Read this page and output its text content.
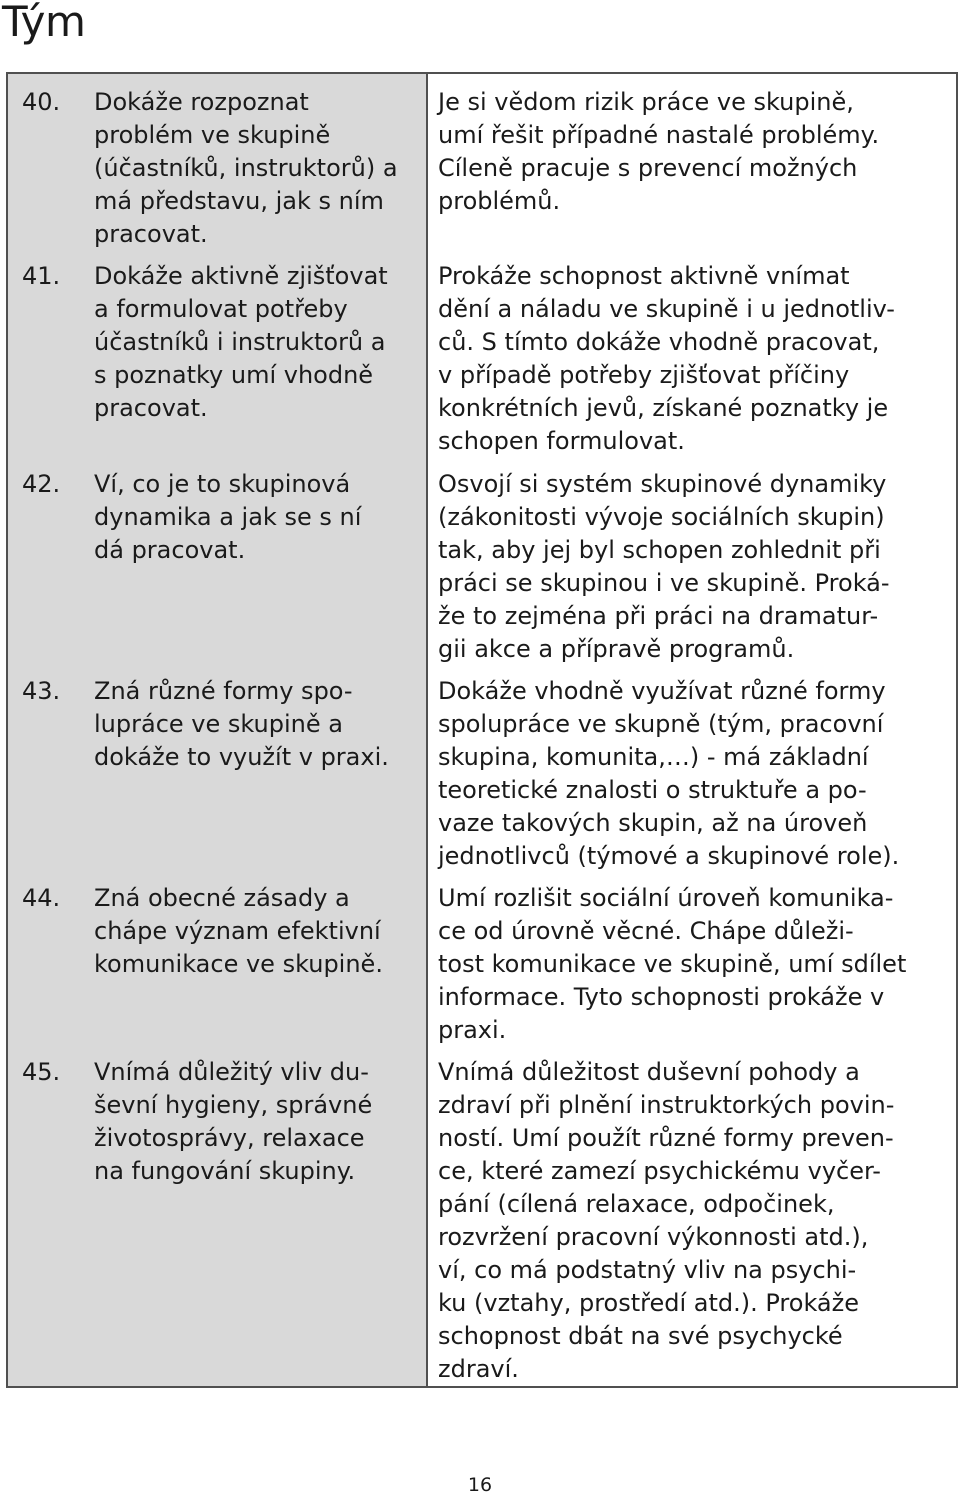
Tým
40. Dokáže rozpoznat
problém ve skupině
(účastníků, instruktorů) a
má představu, jak s ním
pracovat.
41. Dokáže aktivně zjišťovat
a formulovat potřeby
účastníků i instruktorů a
s poznatky umí vhodně
pracovat.
42. Ví, co je to skupinová
dynamika a jak se s ní
dá pracovat.
43. Zná různé formy spo-
lupráce ve skupině a
dokáže to využít v praxi.
44. Zná obecné zásady a
chápe význam efektivní
komunikace ve skupině.
45. Vnímá důležitý vliv du-
ševní hygieny, správné
životosprávy, relaxace
na fungování skupiny.
Je si vědom rizik práce ve skupině,
umí řešit případné nastalé problémy.
Cíleně pracuje s prevencí možných
problémů.
Prokáže schopnost aktivně vnímat
dění a náladu ve skupině i u jednotliv-
ců. S tímto dokáže vhodně pracovat,
v případě potřeby zjišťovat příčiny
konkrétních jevů, získané poznatky je
schopen formulovat.
Osvojí si systém skupinové dynamiky
(zákonitosti vývoje sociálních skupin)
tak, aby jej byl schopen zohlednit při
práci se skupinou i ve skupině. Proká-
že to zejména při práci na dramatur-
gii akce a přípravě programů.
Dokáže vhodně využívat různé formy
spolupráce ve skupně (tým, pracovní
skupina, komunita,…) - má základní
teoretické znalosti o struktuře a po-
vaze takových skupin, až na úroveň
jednotlivců (týmové a skupinové role).
Umí rozlišit sociální úroveň komunika-
ce od úrovně věcné. Chápe důleži-
tost komunikace ve skupině, umí sdílet
informace. Tyto schopnosti prokáže v
praxi.
Vnímá důležitost duševní pohody a
zdraví při plnění instruktorkých povin-
ností. Umí použít různé formy preven-
ce, které zamezí psychickému vyčer-
pání (cílená relaxace, odpočinek,
rozvržení pracovní výkonnosti atd.),
ví, co má podstatný vliv na psychi-
ku (vztahy, prostředí atd.). Prokáže
schopnost dbát na své psychycké
zdraví.
16
